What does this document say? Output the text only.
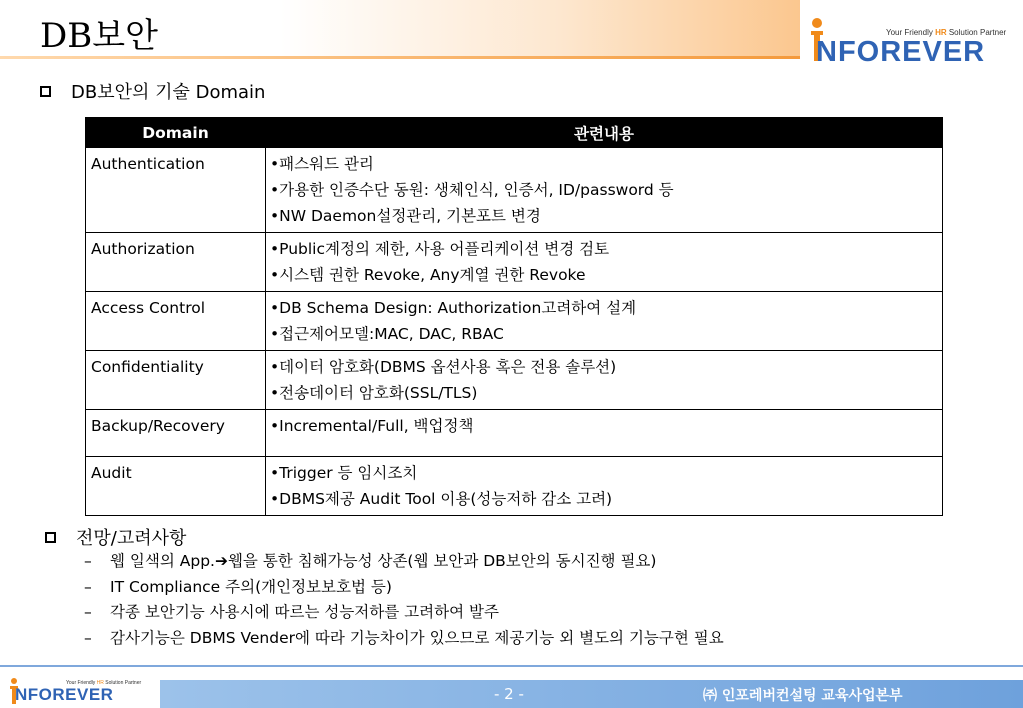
DB보안	Your Friendly HR Solution Partner
NFOREVER
DB보안의 기술 Domain
Domain	관련내용
Authentication	•패스워드 관리
•가용한 인증수단 동원: 생체인식, 인증서, ID/password 등
•NW Daemon설정관리, 기본포트 변경

Authorization	•Public계정의 제한, 사용 어플리케이션 변경 검토
•시스템 권한 Revoke, Any계열 권한 Revoke

Access Control	•DB Schema Design: Authorization고려하여 설계
•접근제어모델:MAC, DAC, RBAC

Confidentiality	•데이터 암호화(DBMS 옵션사용 혹은 전용 솔루션)
•전송데이터 암호화(SSL/TLS)

Backup/Recovery	•Incremental/Full, 백업정책

Audit	•Trigger 등 임시조치
•DBMS제공 Audit Tool 이용(성능저하 감소 고려)
전망/고려사항
– 웹 일색의 App.➔웹을 통한 침해가능성 상존(웹 보안과 DB보안의 동시진행 필요)
– IT Compliance 주의(개인정보보호법 등)
– 각종 보안기능 사용시에 따르는 성능저하를 고려하여 발주
– 감사기능은 DBMS Vender에 따라 기능차이가 있으므로 제공기능 외 별도의 기능구현 필요
Your Friendly HR Solution Partner
NFOREVER	- 2 -	㈜ 인포레버컨설팅 교육사업본부
